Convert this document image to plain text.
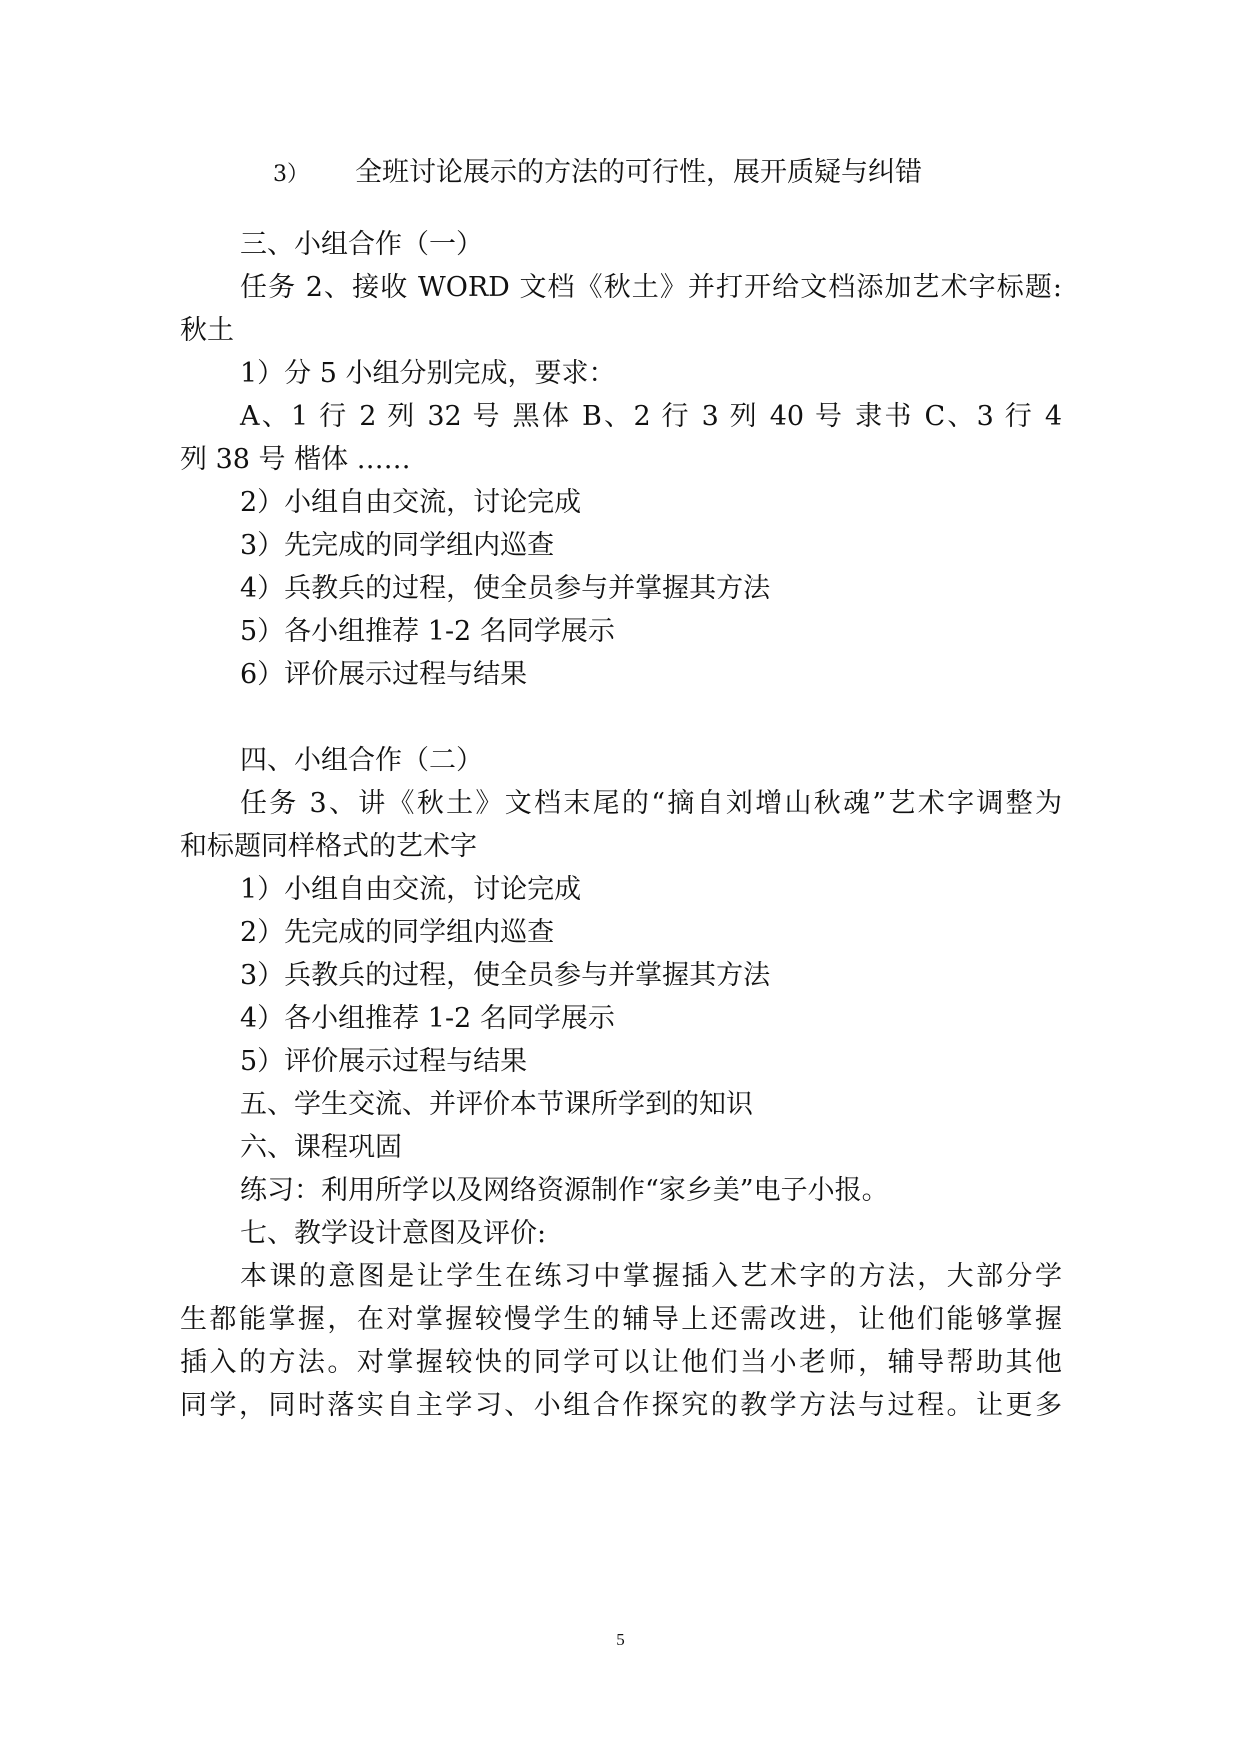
3） 全班讨论展示的方法的可行性，展开质疑与纠错
三、小组合作（一）
任务 2、接收 WORD 文档《秋土》并打开给文档添加艺术字标题:
秋土
1）分 5 小组分别完成，要求：
A、1 行 2 列 32 号 黑体 B、2 行 3 列 40 号 隶书 C、3 行 4
列 38 号 楷体 ……
2）小组自由交流，讨论完成
3）先完成的同学组内巡查
4）兵教兵的过程，使全员参与并掌握其方法
5）各小组推荐 1-2 名同学展示
6）评价展示过程与结果
四、小组合作（二）
任务 3、讲《秋土》文档末尾的“摘自刘增山秋魂”艺术字调整为
和标题同样格式的艺术字
1）小组自由交流，讨论完成
2）先完成的同学组内巡查
3）兵教兵的过程，使全员参与并掌握其方法
4）各小组推荐 1-2 名同学展示
5）评价展示过程与结果
五、学生交流、并评价本节课所学到的知识
六、课程巩固
练习：利用所学以及网络资源制作“家乡美”电子小报。
七、教学设计意图及评价:
本课的意图是让学生在练习中掌握插入艺术字的方法，大部分学
生都能掌握，在对掌握较慢学生的辅导上还需改进，让他们能够掌握
插入的方法。对掌握较快的同学可以让他们当小老师，辅导帮助其他
同学，同时落实自主学习、小组合作探究的教学方法与过程。让更多
5
